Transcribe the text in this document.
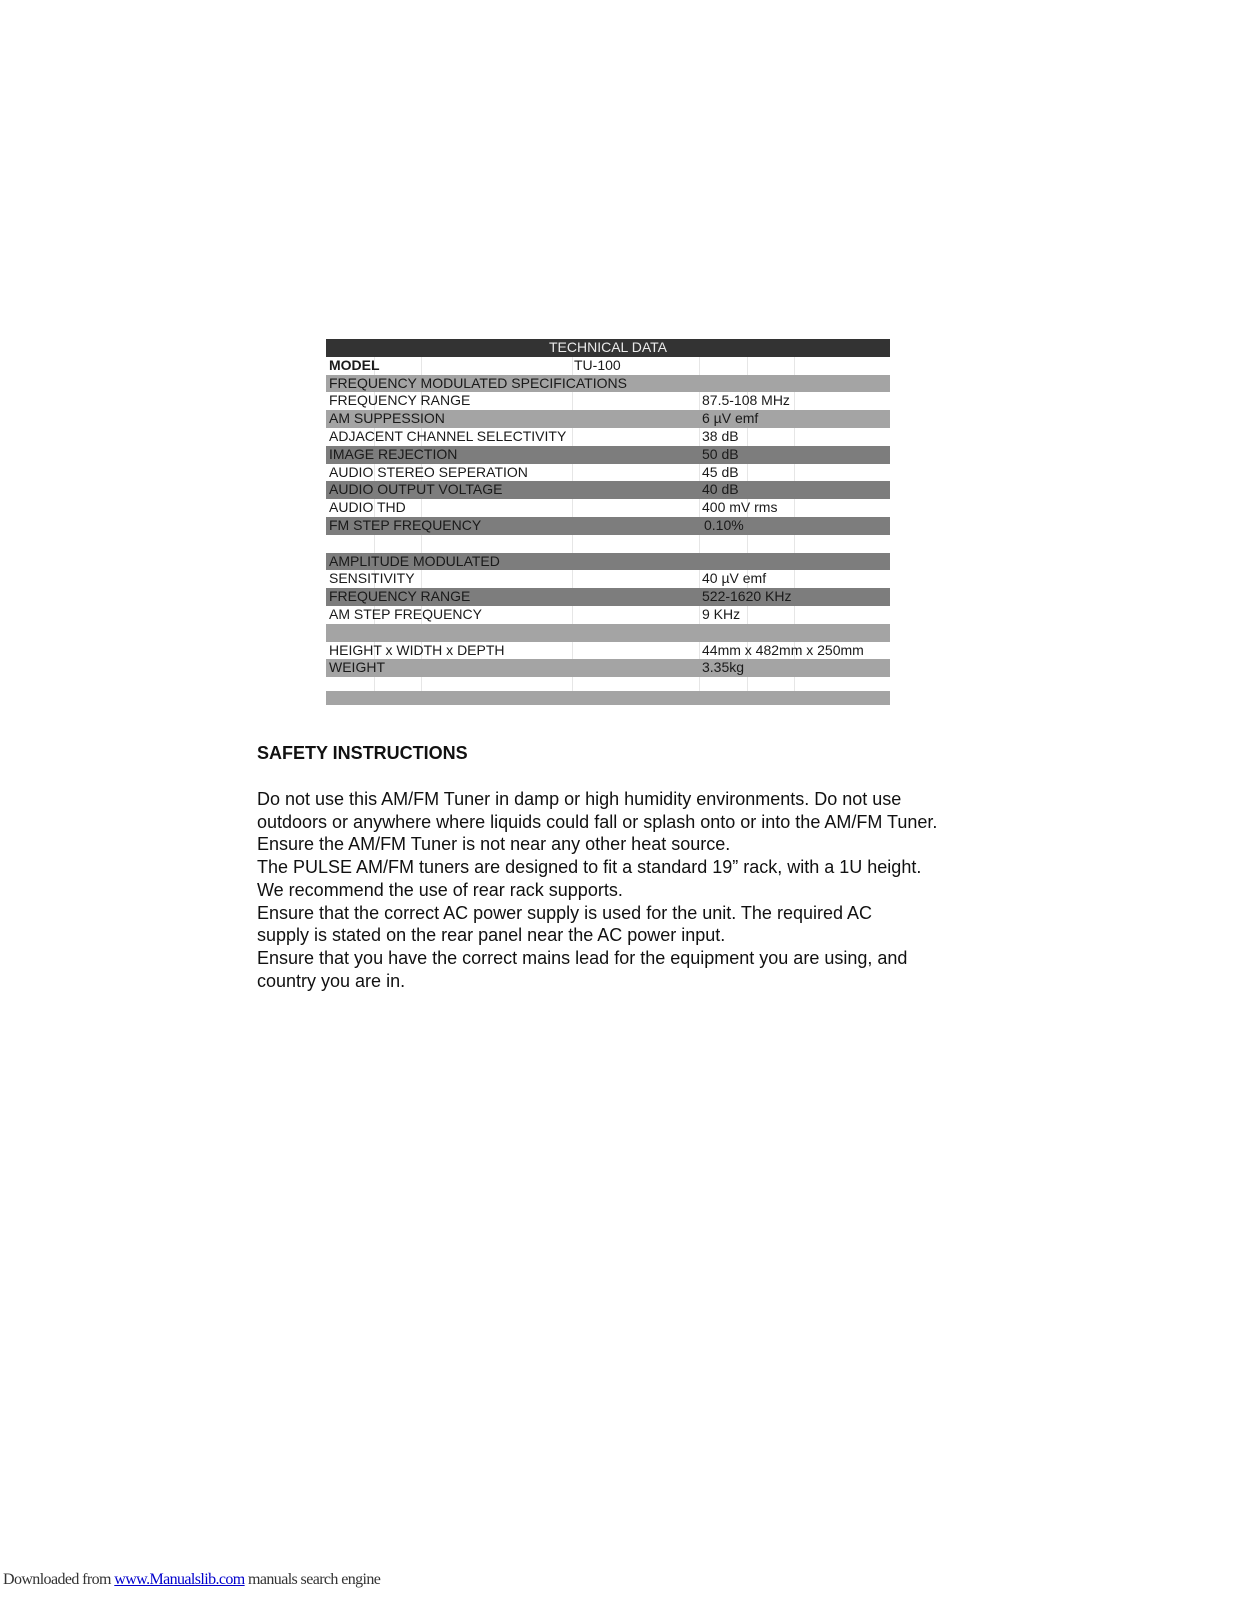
TECHNICAL DATA
MODEL	TU-100
FREQUENCY MODULATED SPECIFICATIONS
FREQUENCY RANGE	87.5-108 MHz
AM SUPPESSION	6 µV emf
ADJACENT CHANNEL SELECTIVITY	38 dB
IMAGE REJECTION	50 dB
AUDIO STEREO SEPERATION	45 dB
AUDIO OUTPUT VOLTAGE	40 dB
AUDIO THD	400 mV rms
FM STEP FREQUENCY	0.10%
AMPLITUDE MODULATED
SENSITIVITY	40 µV emf
FREQUENCY RANGE	522-1620 KHz
AM STEP FREQUENCY	9 KHz
HEIGHT x WIDTH x DEPTH	44mm x 482mm x 250mm
WEIGHT	3.35kg
SAFETY INSTRUCTIONS

Do not use this AM/FM Tuner in damp or high humidity environments. Do not use

outdoors or anywhere where liquids could fall or splash onto or into the AM/FM Tuner.

Ensure the AM/FM Tuner is not near any other heat source.

The PULSE AM/FM tuners are designed to fit a standard 19” rack, with a 1U height.

We recommend the use of rear rack supports.

Ensure that the correct AC power supply is used for the unit. The required AC

supply is stated on the rear panel near the AC power input.

Ensure that you have the correct mains lead for the equipment you are using, and

country you are in.

Downloaded from www.Manualslib.com manuals search engine
